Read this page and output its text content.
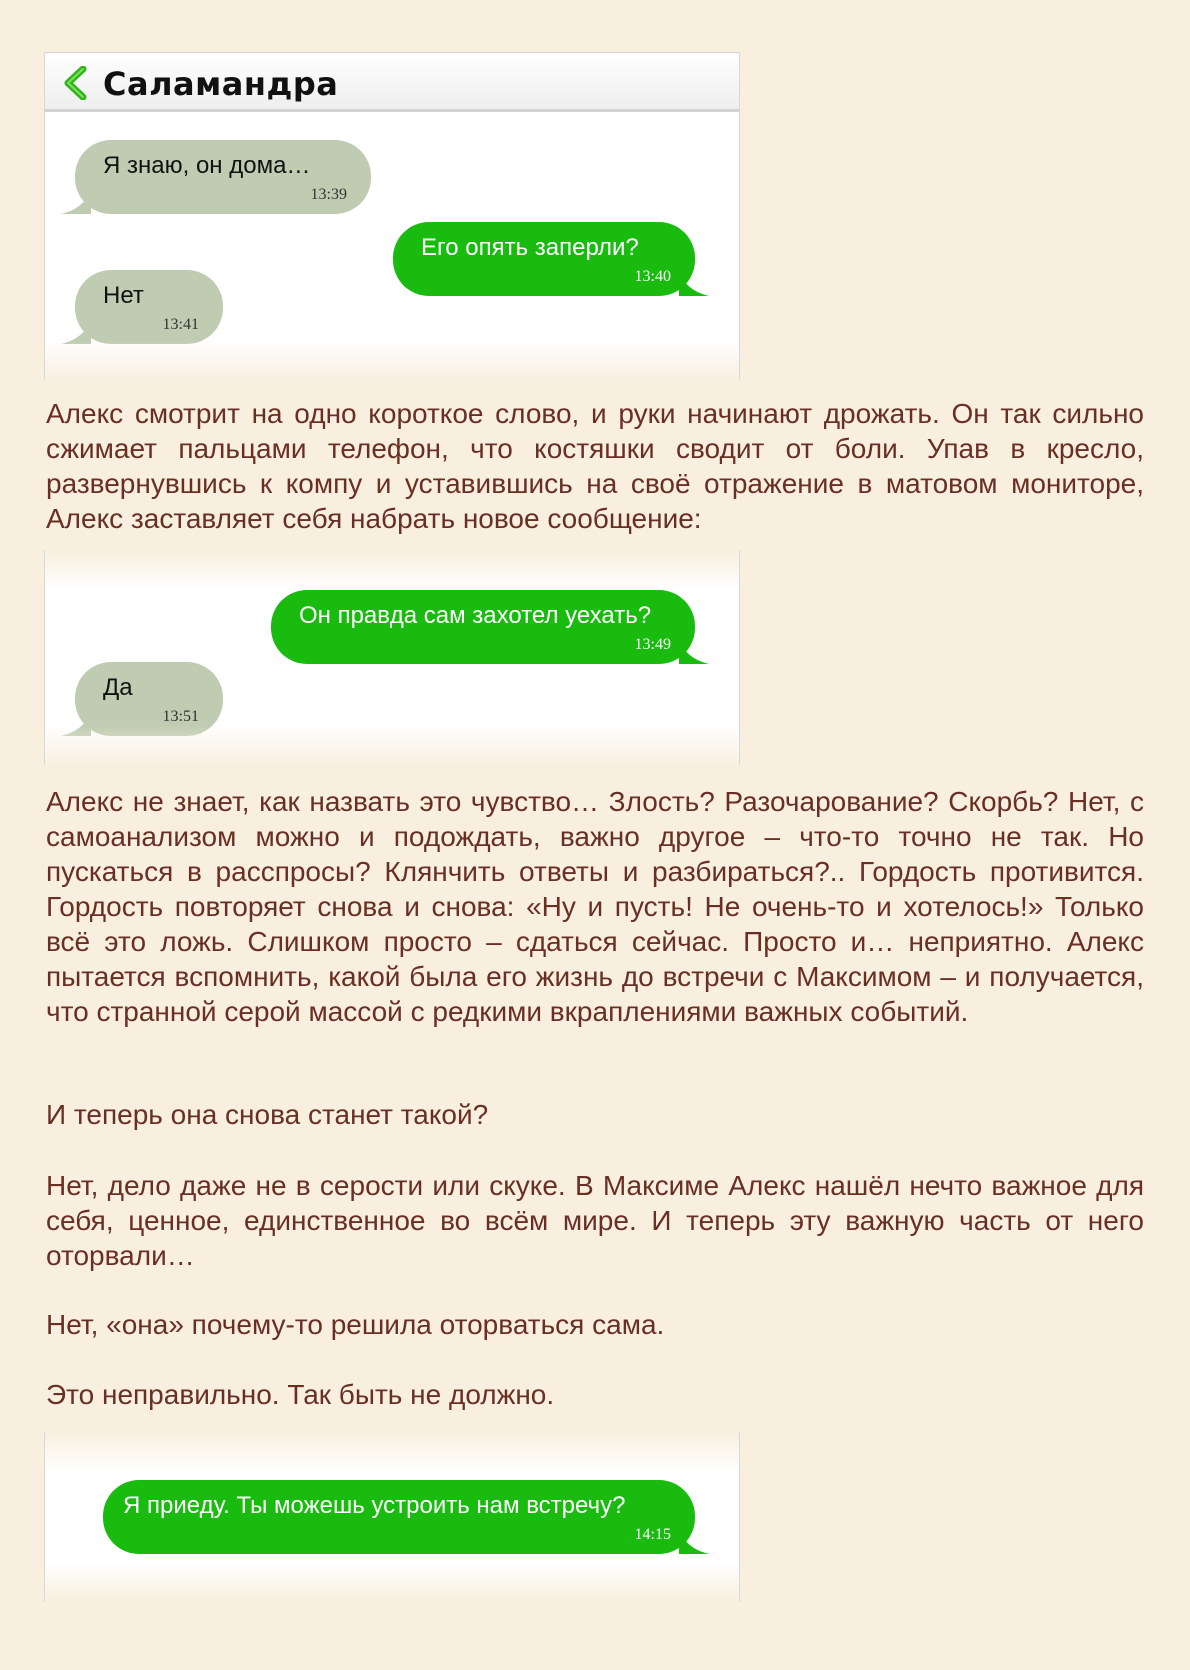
Саламандра
Я знаю, он дома…
13:39
Его опять заперли?
13:40
Нет
13:41

Алекс смотрит на одно короткое слово, и руки начинают дрожать. Он так сильно сжимает пальцами телефон, что костяшки сводит от боли. Упав в кресло, развернувшись к компу и уставившись на своё отражение в матовом мониторе, Алекс заставляет себя набрать новое сообщение:

Он правда сам захотел уехать?
13:49
Да
13:51

Алекс не знает, как назвать это чувство… Злость? Разочарование? Скорбь? Нет, с самоанализом можно и подождать, важно другое – что-то точно не так. Но пускаться в расспросы? Клянчить ответы и разбираться?.. Гордость противится. Гордость повторяет снова и снова: «Ну и пусть! Не очень-то и хотелось!» Только всё это ложь. Слишком просто – сдаться сейчас. Просто и… неприятно. Алекс пытается вспомнить, какой была его жизнь до встречи с Максимом – и получается, что странной серой массой с редкими вкраплениями важных событий.

И теперь она снова станет такой?

Нет, дело даже не в серости или скуке. В Максиме Алекс нашёл нечто важное для себя, ценное, единственное во всём мире. И теперь эту важную часть от него оторвали…

Нет, «она» почему-то решила оторваться сама.

Это неправильно. Так быть не должно.

Я приеду. Ты можешь устроить нам встречу?
14:15
